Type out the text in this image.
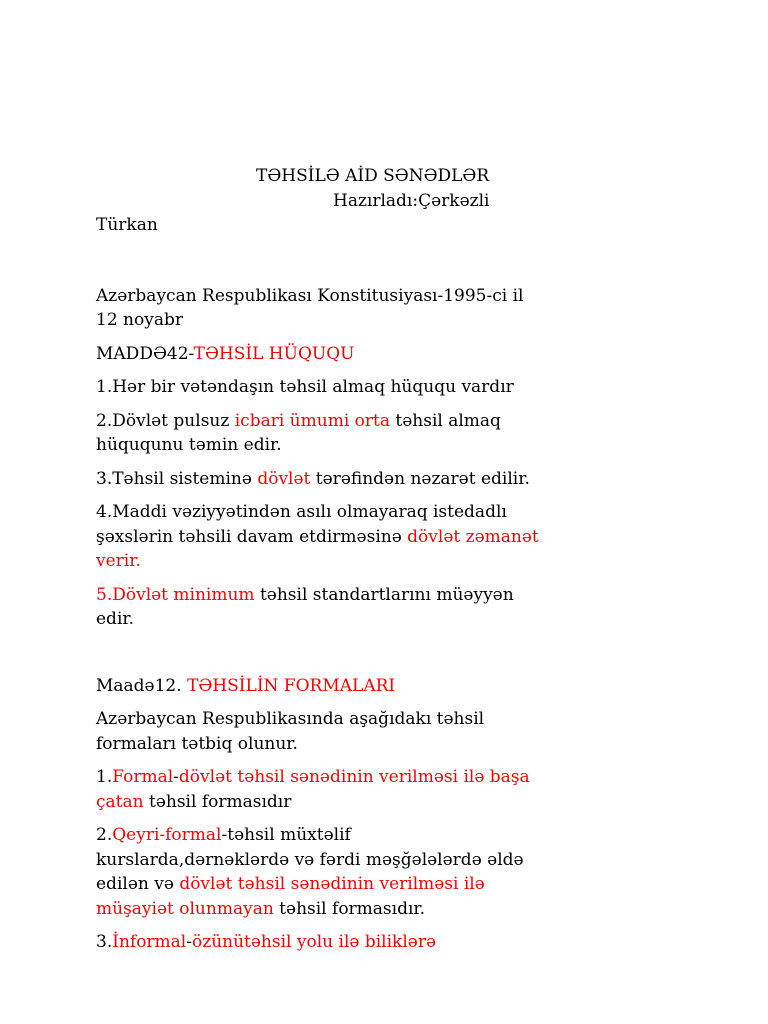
TƏHSİLƏ AİD SƏNƏDLƏR
Hazırladı:Çərkəzli
Türkan
Azərbaycan Respublikası Konstitusiyası-1995-ci il
12 noyabr
MADDƏ42-TƏHSİL HÜQUQU
1.Hər bir vətəndaşın təhsil almaq hüququ vardır
2.Dövlət pulsuz icbari ümumi orta təhsil almaq
hüququnu təmin edir.
3.Təhsil sisteminə dövlət tərəfindən nəzarət edilir.
4.Maddi vəziyyətindən asılı olmayaraq istedadlı
şəxslərin təhsili davam etdirməsinə dövlət zəmanət
verir.
5.Dövlət minimum təhsil standartlarını müəyyən
edir.
Maadə12. TƏHSİLİN FORMALARI
Azərbaycan Respublikasında aşağıdakı təhsil
formaları tətbiq olunur.
1.Formal-dövlət təhsil sənədinin verilməsi ilə başa
çatan təhsil formasıdır
2.Qeyri-formal-təhsil müxtəlif
kurslarda,dərnəklərdə və fərdi məşğələlərdə əldə
edilən və dövlət təhsil sənədinin verilməsi ilə
müşayiət olunmayan təhsil formasıdır.
3.İnformal-özünütəhsil yolu ilə biliklərə
